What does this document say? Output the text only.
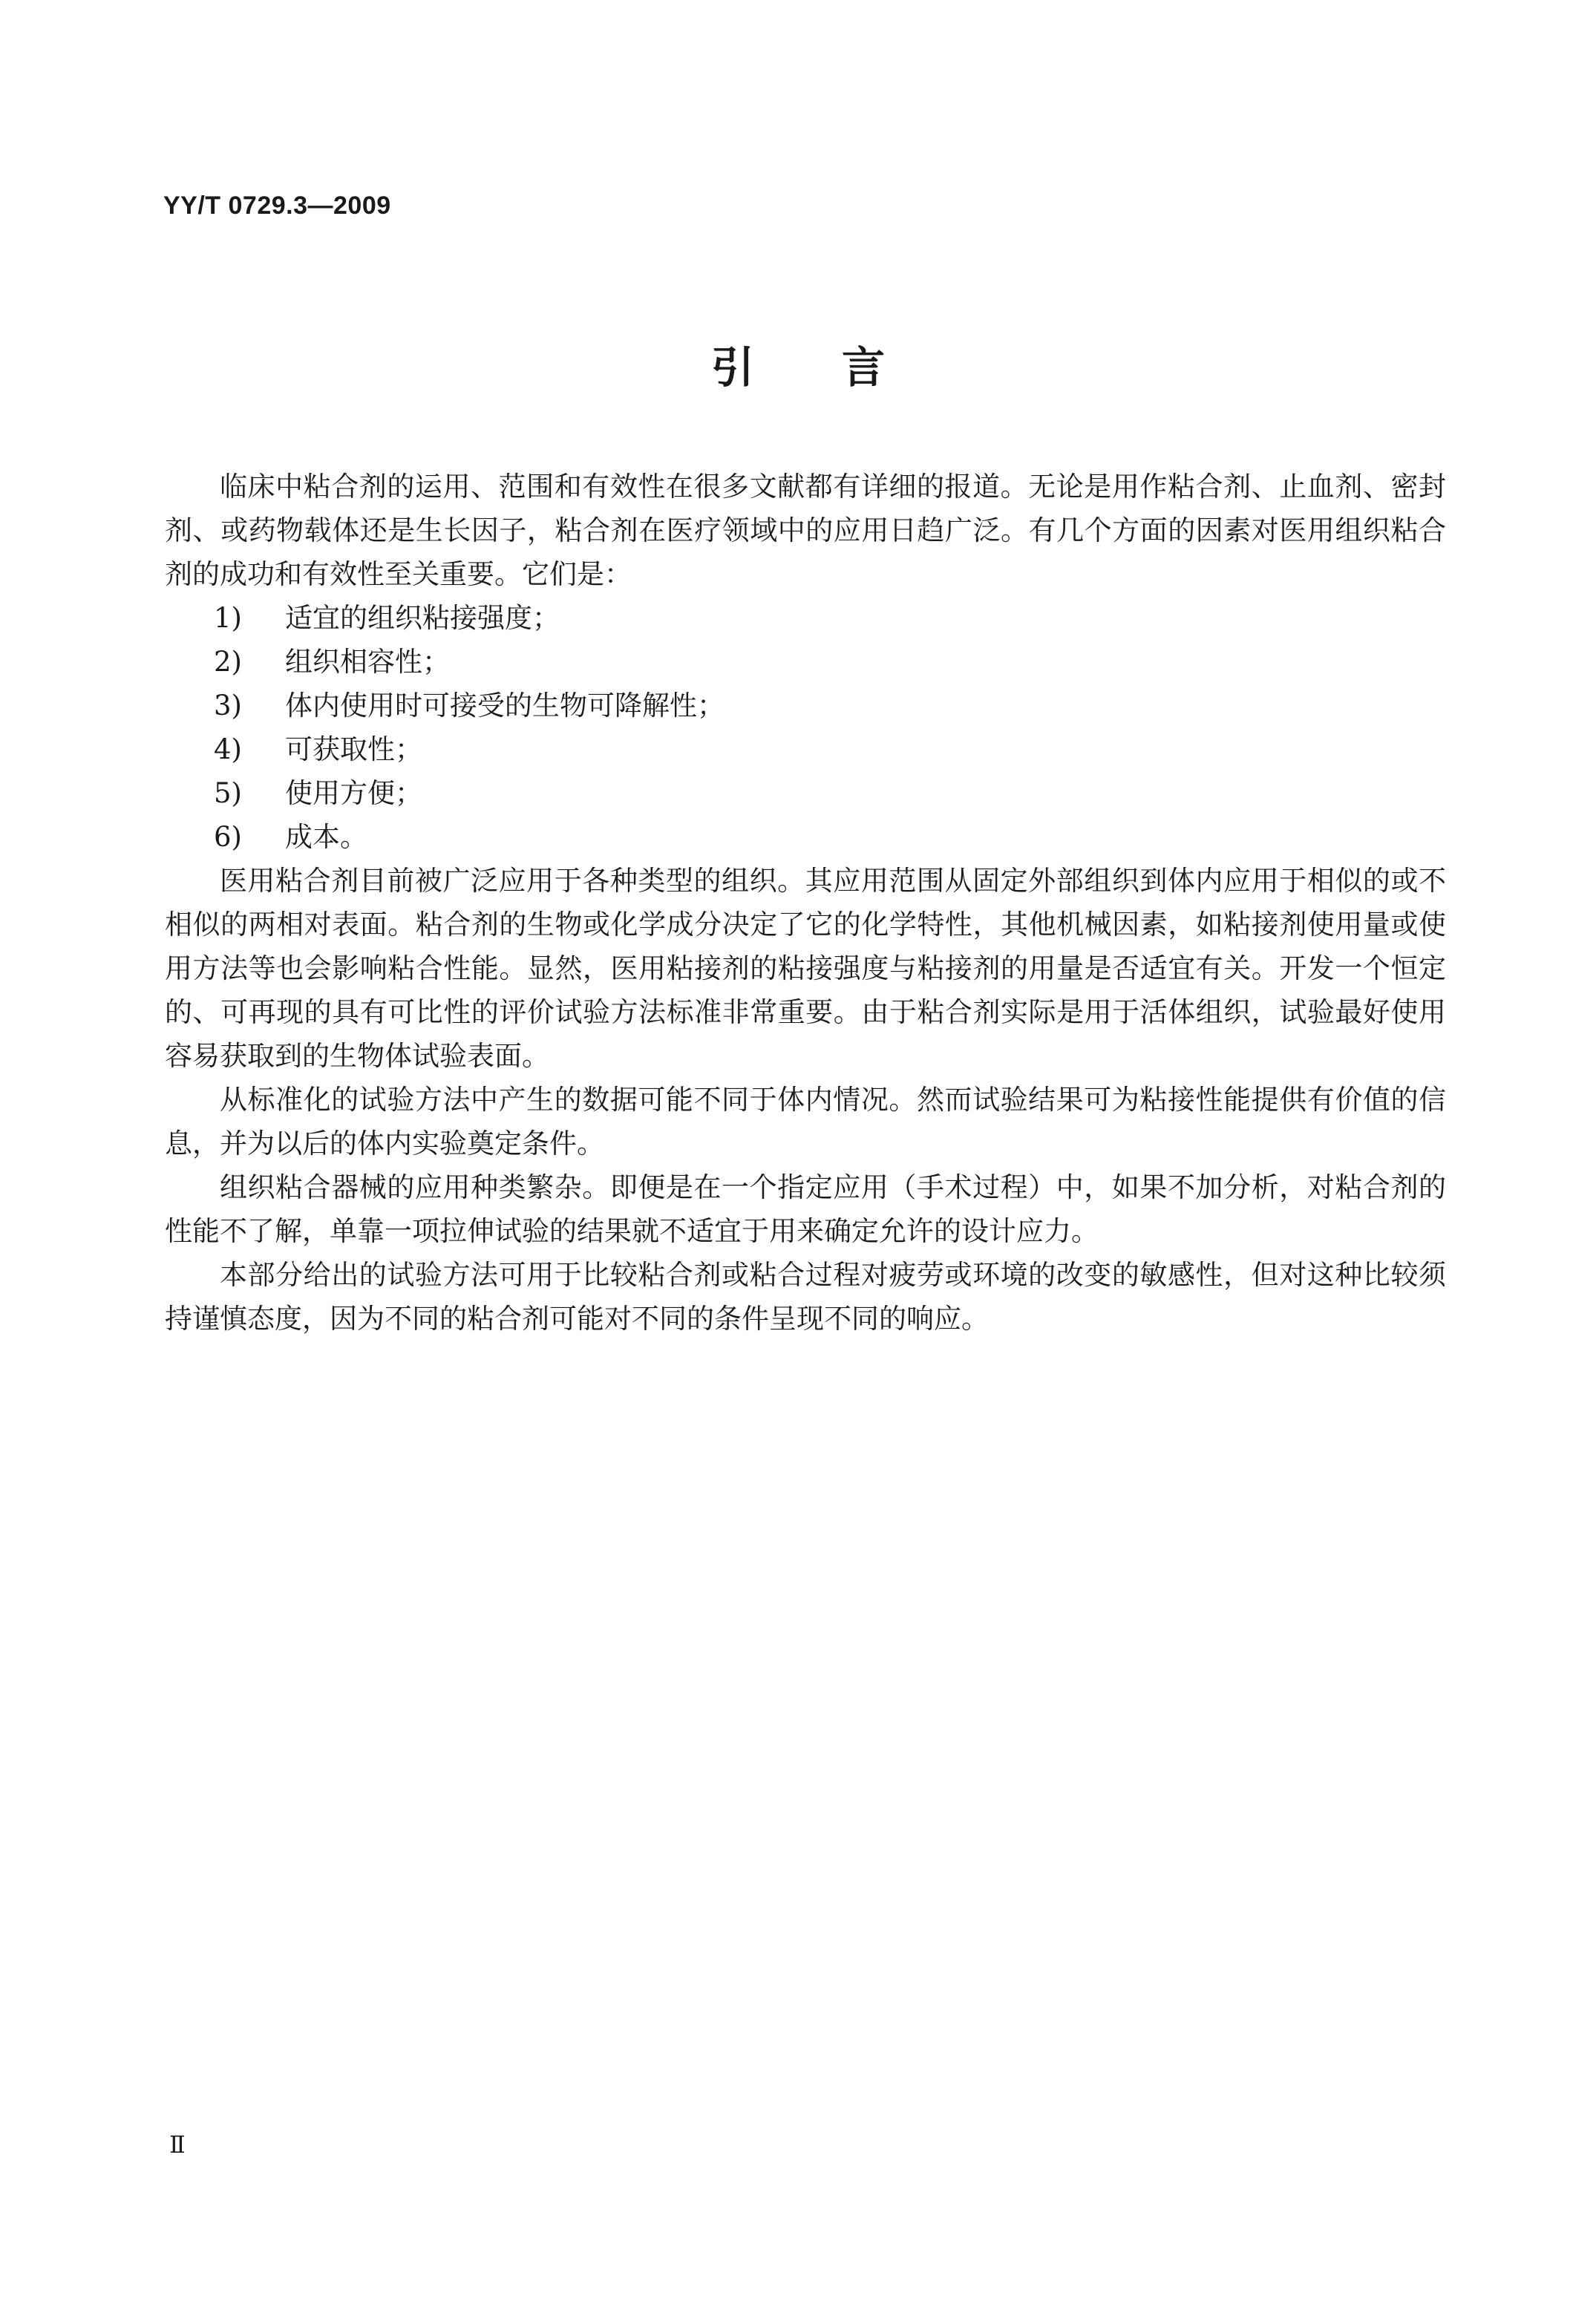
YY/T 0729.3—2009
引言

临床中粘合剂的运用、范围和有效性在很多文献都有详细的报道。无论是用作粘合剂、止血剂、密封剂、或药物载体还是生长因子，粘合剂在医疗领域中的应用日趋广泛。有几个方面的因素对医用组织粘合剂的成功和有效性至关重要。它们是：

1)	适宜的组织粘接强度；
2)	组织相容性；
3)	体内使用时可接受的生物可降解性；
4)	可获取性；
5)	使用方便；
6)	成本。

医用粘合剂目前被广泛应用于各种类型的组织。其应用范围从固定外部组织到体内应用于相似的或不相似的两相对表面。粘合剂的生物或化学成分决定了它的化学特性，其他机械因素，如粘接剂使用量或使用方法等也会影响粘合性能。显然，医用粘接剂的粘接强度与粘接剂的用量是否适宜有关。开发一个恒定的、可再现的具有可比性的评价试验方法标准非常重要。由于粘合剂实际是用于活体组织，试验最好使用容易获取到的生物体试验表面。

从标准化的试验方法中产生的数据可能不同于体内情况。然而试验结果可为粘接性能提供有价值的信息，并为以后的体内实验奠定条件。

组织粘合器械的应用种类繁杂。即便是在一个指定应用（手术过程）中，如果不加分析，对粘合剂的性能不了解，单靠一项拉伸试验的结果就不适宜于用来确定允许的设计应力。

本部分给出的试验方法可用于比较粘合剂或粘合过程对疲劳或环境的改变的敏感性，但对这种比较须持谨慎态度，因为不同的粘合剂可能对不同的条件呈现不同的响应。

Ⅱ
